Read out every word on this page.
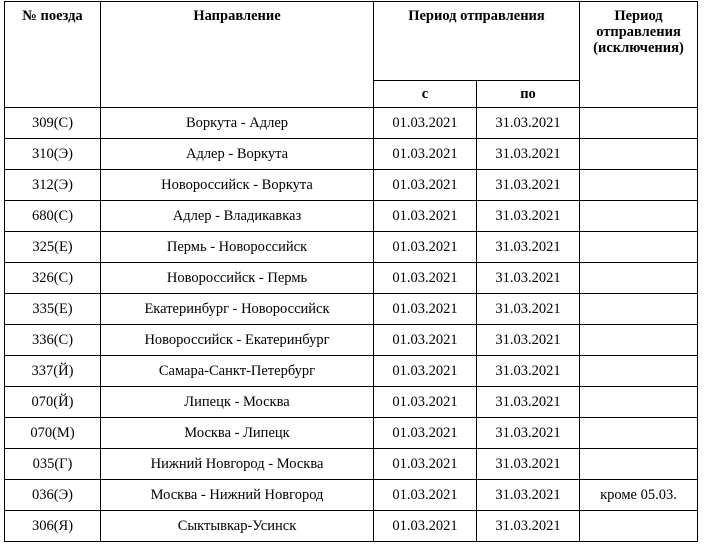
№ поезда	Направление	Период отправления		Период отправления (исключения)
		с	по	
309(С)	Воркута - Адлер	01.03.2021	31.03.2021	
310(Э)	Адлер - Воркута	01.03.2021	31.03.2021	
312(Э)	Новороссийск - Воркута	01.03.2021	31.03.2021	
680(С)	Адлер - Владикавказ	01.03.2021	31.03.2021	
325(Е)	Пермь - Новороссийск	01.03.2021	31.03.2021	
326(С)	Новороссийск - Пермь	01.03.2021	31.03.2021	
335(Е)	Екатеринбург - Новороссийск	01.03.2021	31.03.2021	
336(С)	Новороссийск - Екатеринбург	01.03.2021	31.03.2021	
337(Й)	Самара-Санкт-Петербург	01.03.2021	31.03.2021	
070(Й)	Липецк - Москва	01.03.2021	31.03.2021	
070(М)	Москва - Липецк	01.03.2021	31.03.2021	
035(Г)	Нижний Новгород - Москва	01.03.2021	31.03.2021	
036(Э)	Москва - Нижний Новгород	01.03.2021	31.03.2021	кроме 05.03.
306(Я)	Сыктывкар-Усинск	01.03.2021	31.03.2021	
